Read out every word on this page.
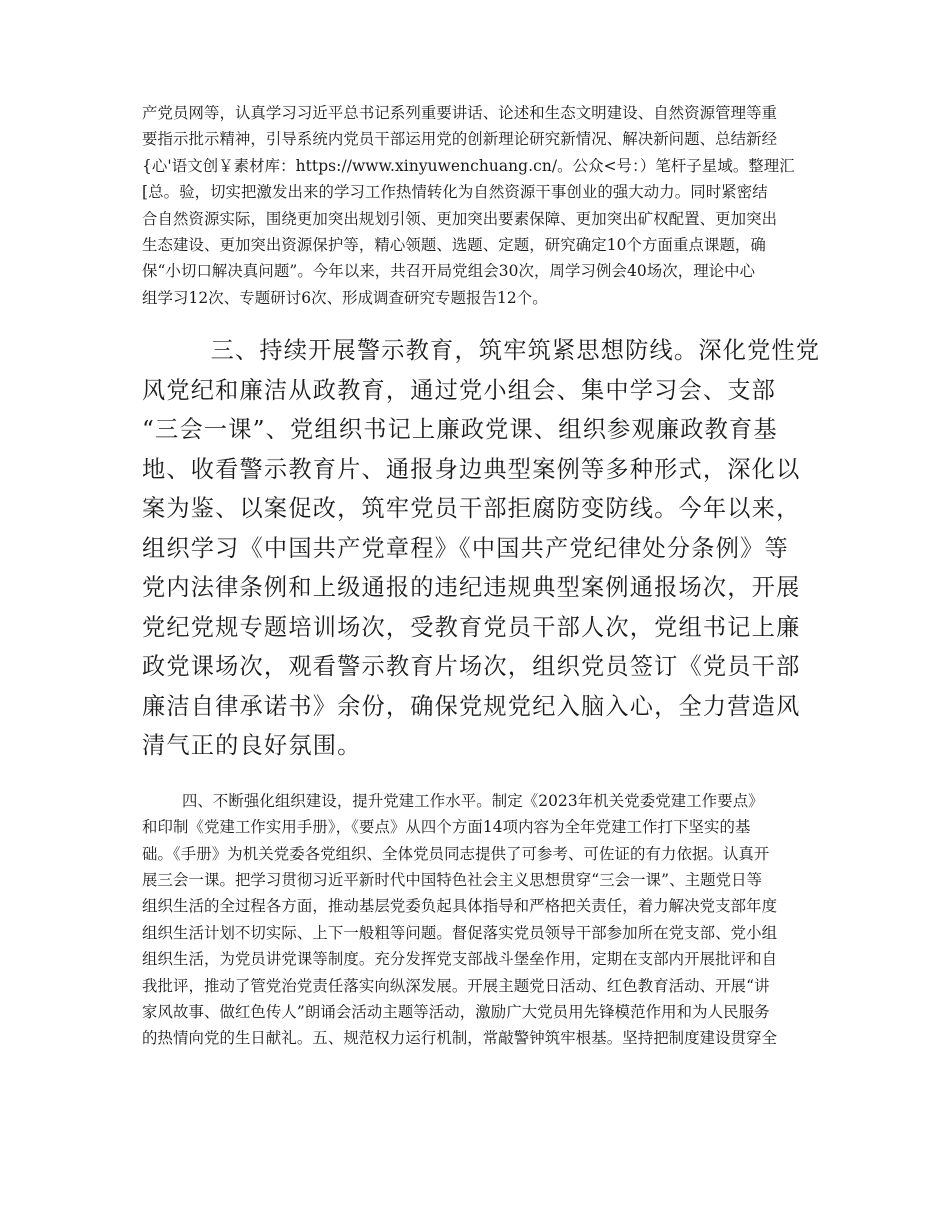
产党员网等，认真学习习近平总书记系列重要讲话、论述和生态文明建设、自然资源管理等重

要指示批示精神，引导系统内党员干部运用党的创新理论研究新情况、解决新问题、总结新经

{心'语文创￥素材库：https://www.xinyuwenchuang.cn/。公众<号：）笔杆子星域。整理汇

[总。验，切实把激发出来的学习工作热情转化为自然资源干事创业的强大动力。同时紧密结

合自然资源实际，围绕更加突出规划引领、更加突出要素保障、更加突出矿权配置、更加突出

生态建设、更加突出资源保护等，精心领题、选题、定题，研究确定10个方面重点课题，确

保“小切口解决真问题”。今年以来，共召开局党组会30次，周学习例会40场次，理论中心

组学习12次、专题研讨6次、形成调查研究专题报告12个。

三、持续开展警示教育，筑牢筑紧思想防线。深化党性党

风党纪和廉洁从政教育，通过党小组会、集中学习会、支部

“三会一课”、党组织书记上廉政党课、组织参观廉政教育基

地、收看警示教育片、通报身边典型案例等多种形式，深化以

案为鉴、以案促改，筑牢党员干部拒腐防变防线。今年以来，

组织学习《中国共产党章程》《中国共产党纪律处分条例》等

党内法律条例和上级通报的违纪违规典型案例通报场次，开展

党纪党规专题培训场次，受教育党员干部人次，党组书记上廉

政党课场次，观看警示教育片场次，组织党员签订《党员干部

廉洁自律承诺书》余份，确保党规党纪入脑入心，全力营造风

清气正的良好氛围。

四、不断强化组织建设，提升党建工作水平。制定《2023年机关党委党建工作要点》

和印制《党建工作实用手册》，《要点》从四个方面14项内容为全年党建工作打下坚实的基

础。《手册》为机关党委各党组织、全体党员同志提供了可参考、可佐证的有力依据。认真开

展三会一课。把学习贯彻习近平新时代中国特色社会主义思想贯穿“三会一课”、主题党日等

组织生活的全过程各方面，推动基层党委负起具体指导和严格把关责任，着力解决党支部年度

组织生活计划不切实际、上下一般粗等问题。督促落实党员领导干部参加所在党支部、党小组

组织生活，为党员讲党课等制度。充分发挥党支部战斗堡垒作用，定期在支部内开展批评和自

我批评，推动了管党治党责任落实向纵深发展。开展主题党日活动、红色教育活动、开展“讲

家风故事、做红色传人”朗诵会活动主题等活动，激励广大党员用先锋模范作用和为人民服务

的热情向党的生日献礼。五、规范权力运行机制，常敲警钟筑牢根基。坚持把制度建设贯穿全
